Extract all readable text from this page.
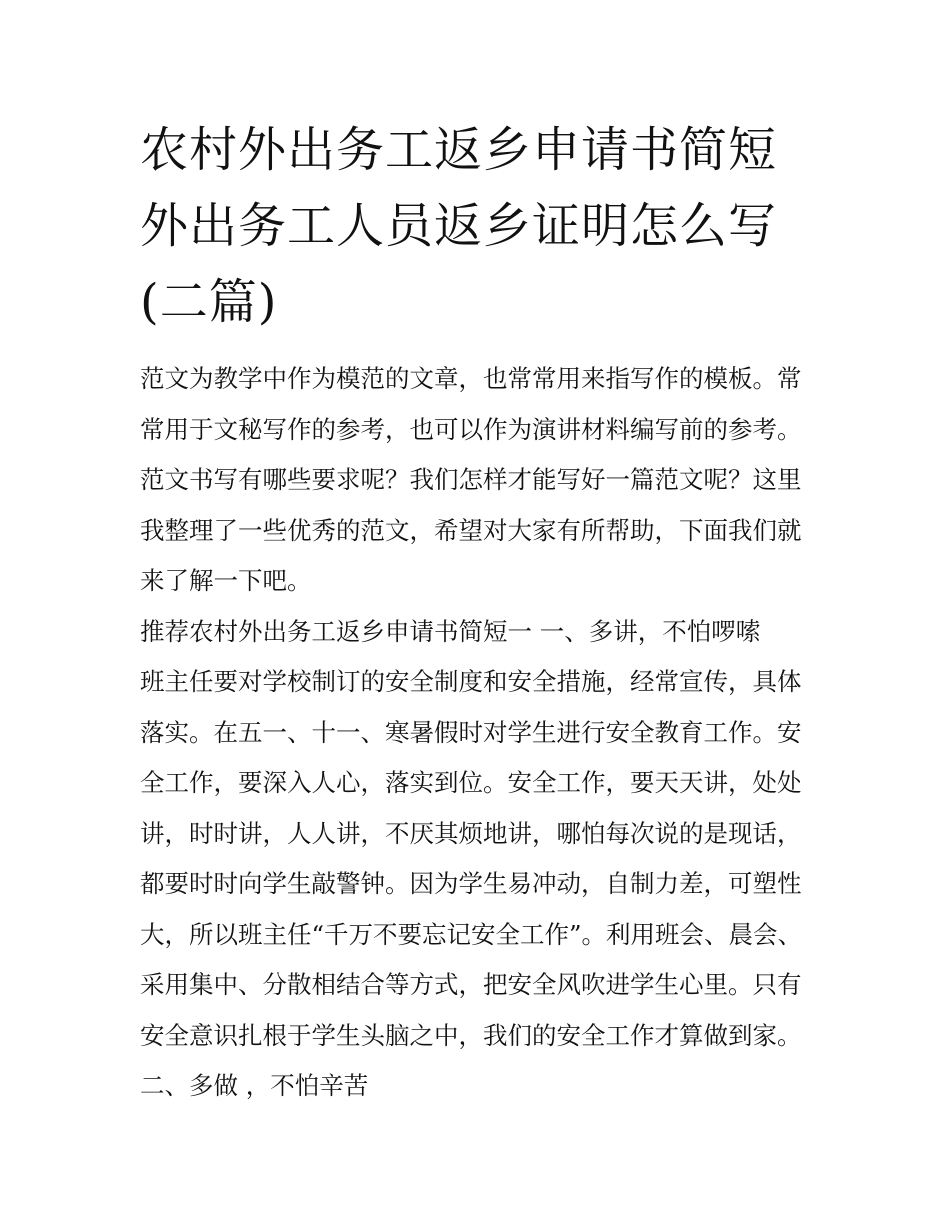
农村外出务工返乡申请书简短
外出务工人员返乡证明怎么写
(二篇)
范文为教学中作为模范的文章，也常常用来指写作的模板。常
常用于文秘写作的参考，也可以作为演讲材料编写前的参考。
范文书写有哪些要求呢？我们怎样才能写好一篇范文呢？这里
我整理了一些优秀的范文，希望对大家有所帮助，下面我们就
来了解一下吧。
推荐农村外出务工返乡申请书简短一 一、多讲，不怕啰嗦
班主任要对学校制订的安全制度和安全措施，经常宣传，具体
落实。在五一、十一、寒暑假时对学生进行安全教育工作。安
全工作，要深入人心，落实到位。安全工作，要天天讲，处处
讲，时时讲，人人讲，不厌其烦地讲，哪怕每次说的是现话，
都要时时向学生敲警钟。因为学生易冲动，自制力差，可塑性
大，所以班主任“千万不要忘记安全工作”。利用班会、晨会、
采用集中、分散相结合等方式，把安全风吹进学生心里。只有
安全意识扎根于学生头脑之中，我们的安全工作才算做到家。
二、多做 ，不怕辛苦
